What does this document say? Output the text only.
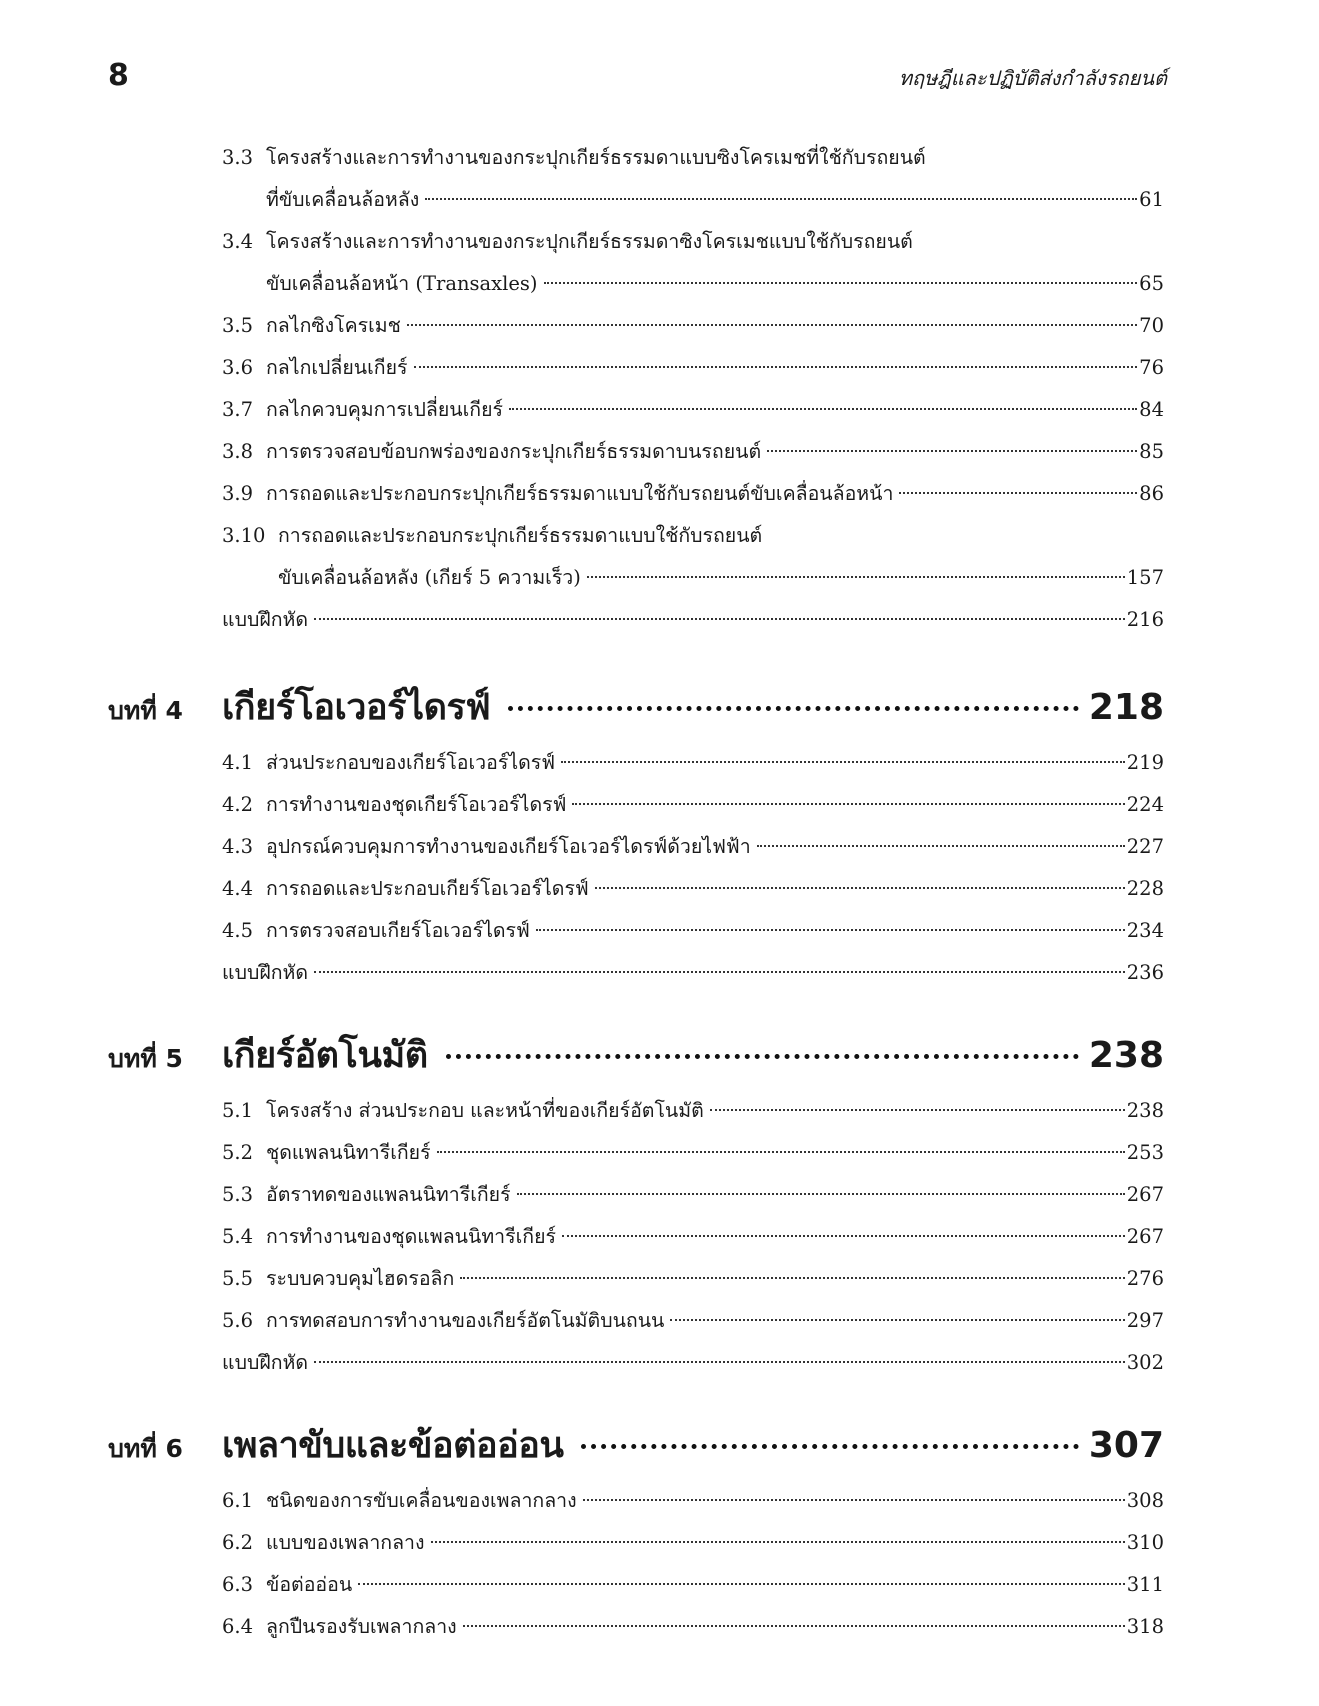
8	ทฤษฎีและปฏิบัติส่งกำลังรถยนต์
3.3 โครงสร้างและการทำงานของกระปุกเกียร์ธรรมดาแบบซิงโครเมชที่ใช้กับรถยนต์
ที่ขับเคลื่อนล้อหลัง	61
3.4 โครงสร้างและการทำงานของกระปุกเกียร์ธรรมดาซิงโครเมชแบบใช้กับรถยนต์
ขับเคลื่อนล้อหน้า (Transaxles)	65
3.5 กลไกซิงโครเมช	70
3.6 กลไกเปลี่ยนเกียร์	76
3.7 กลไกควบคุมการเปลี่ยนเกียร์	84
3.8 การตรวจสอบข้อบกพร่องของกระปุกเกียร์ธรรมดาบนรถยนต์	85
3.9 การถอดและประกอบกระปุกเกียร์ธรรมดาแบบใช้กับรถยนต์ขับเคลื่อนล้อหน้า	86
3.10 การถอดและประกอบกระปุกเกียร์ธรรมดาแบบใช้กับรถยนต์
ขับเคลื่อนล้อหลัง (เกียร์ 5 ความเร็ว)	157
แบบฝึกหัด	216
บทที่ 4	เกียร์โอเวอร์ไดรฟ์	218
4.1 ส่วนประกอบของเกียร์โอเวอร์ไดรฟ์	219
4.2 การทำงานของชุดเกียร์โอเวอร์ไดรฟ์	224
4.3 อุปกรณ์ควบคุมการทำงานของเกียร์โอเวอร์ไดรฟ์ด้วยไฟฟ้า	227
4.4 การถอดและประกอบเกียร์โอเวอร์ไดรฟ์	228
4.5 การตรวจสอบเกียร์โอเวอร์ไดรฟ์	234
แบบฝึกหัด	236
บทที่ 5	เกียร์อัตโนมัติ	238
5.1 โครงสร้าง ส่วนประกอบ และหน้าที่ของเกียร์อัตโนมัติ	238
5.2 ชุดแพลนนิทารีเกียร์	253
5.3 อัตราทดของแพลนนิทารีเกียร์	267
5.4 การทำงานของชุดแพลนนิทารีเกียร์	267
5.5 ระบบควบคุมไฮดรอลิก	276
5.6 การทดสอบการทำงานของเกียร์อัตโนมัติบนถนน	297
แบบฝึกหัด	302
บทที่ 6	เพลาขับและข้อต่ออ่อน	307
6.1 ชนิดของการขับเคลื่อนของเพลากลาง	308
6.2 แบบของเพลากลาง	310
6.3 ข้อต่ออ่อน	311
6.4 ลูกปืนรองรับเพลากลาง	318
